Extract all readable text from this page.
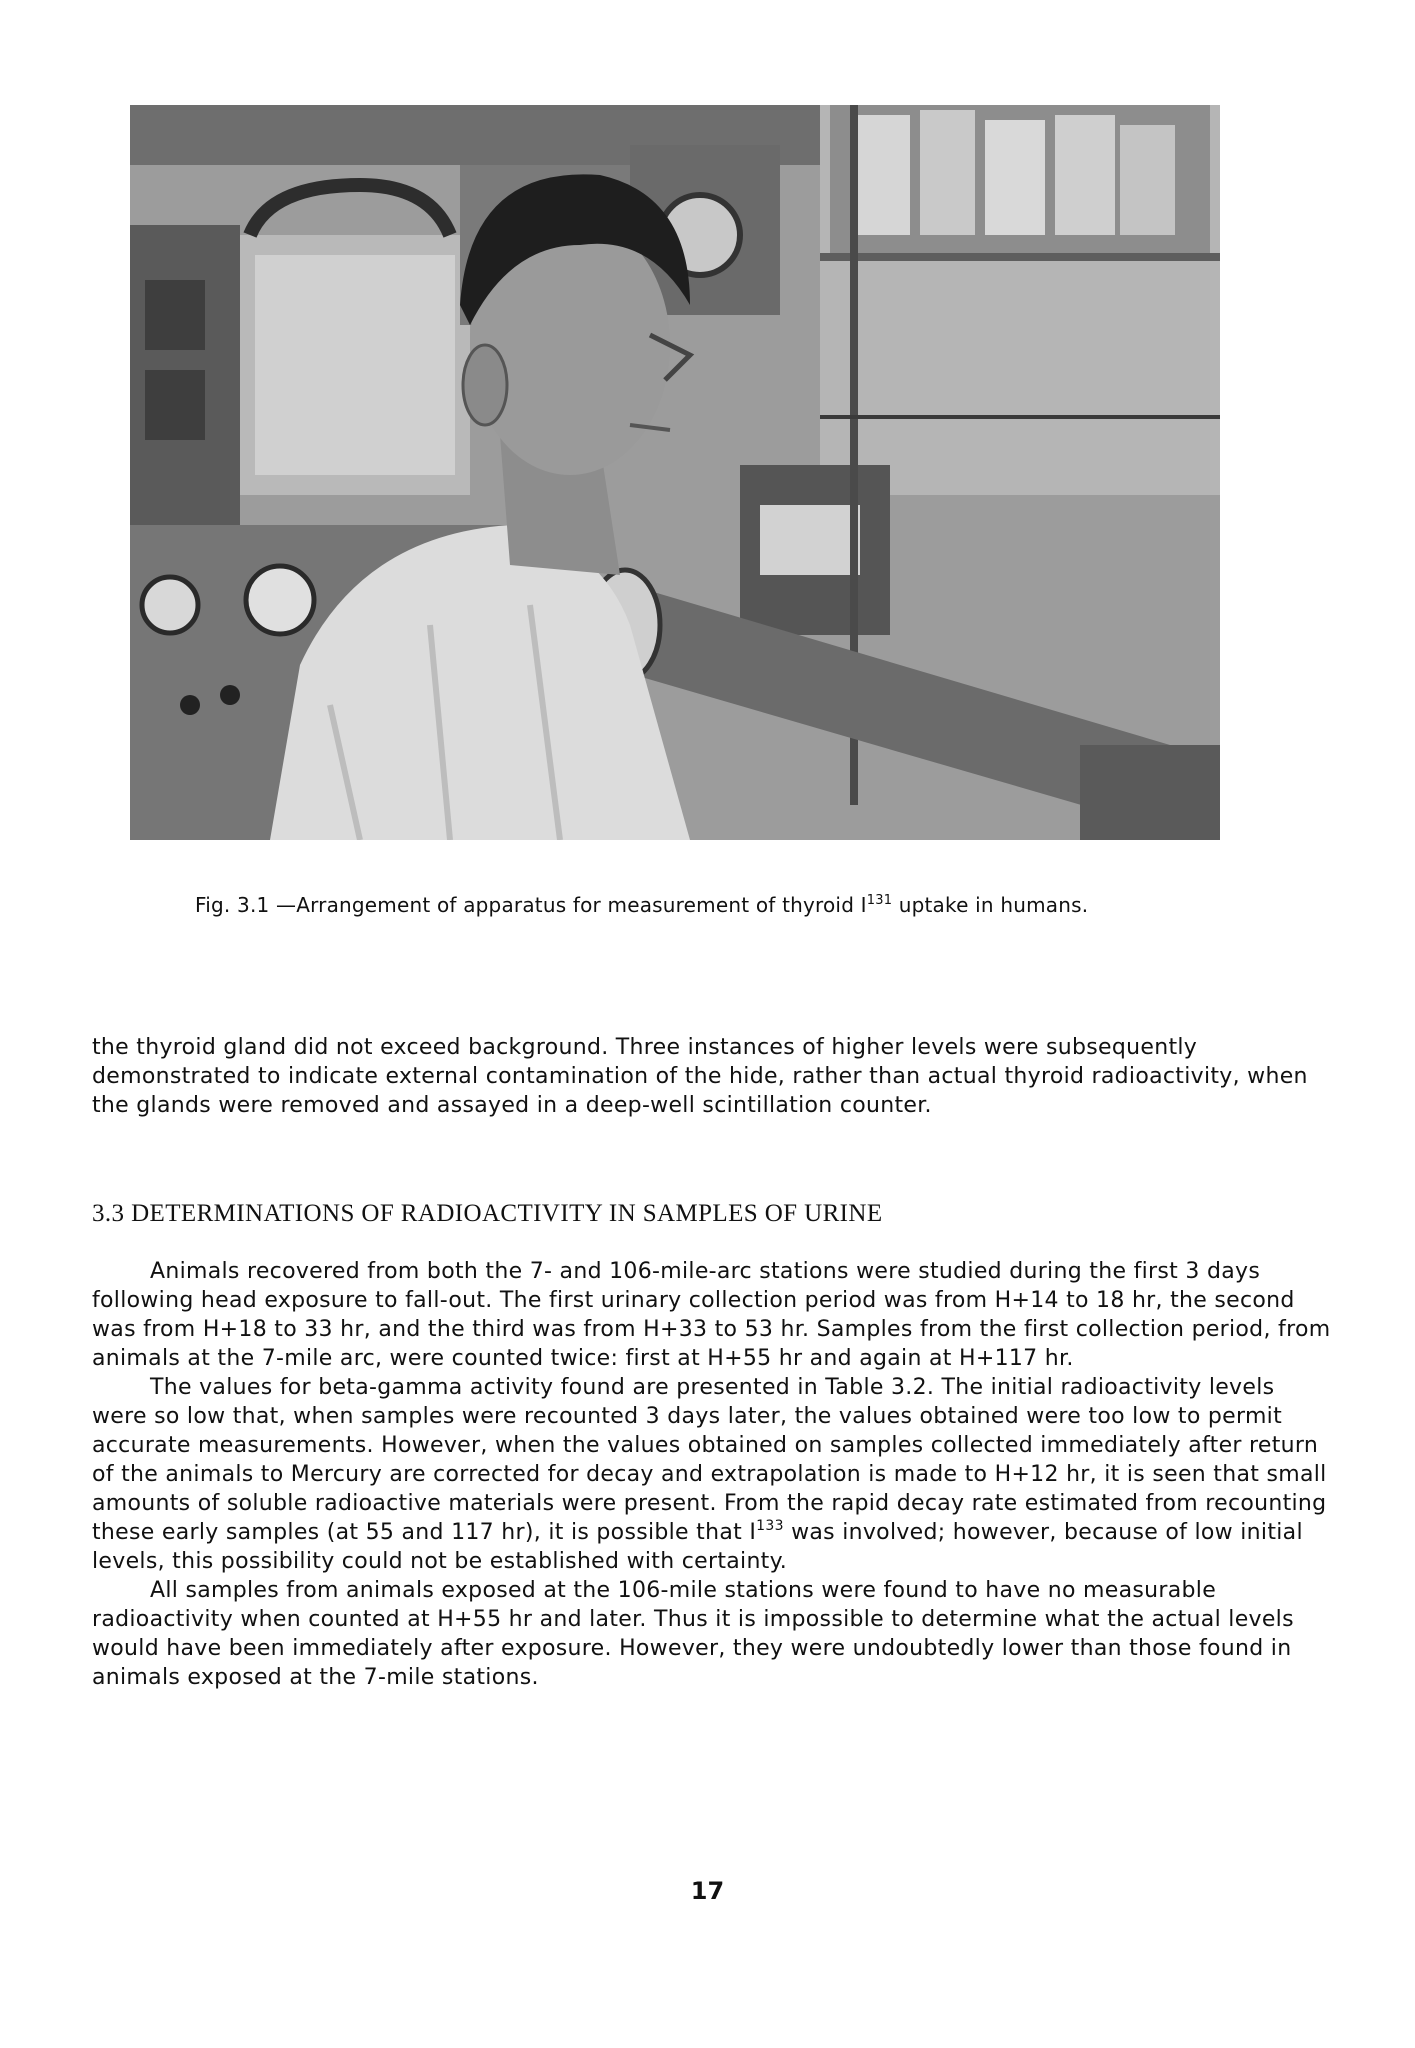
Fig. 3.1 —Arrangement of apparatus for measurement of thyroid $I^{131}$ uptake in humans.

the thyroid gland did not exceed background. Three instances of higher levels were subsequently demonstrated to indicate external contamination of the hide, rather than actual thyroid radioactivity, when the glands were removed and assayed in a deep-well scintillation counter.

3.3 DETERMINATIONS OF RADIOACTIVITY IN SAMPLES OF URINE

Animals recovered from both the 7- and 106-mile-arc stations were studied during the first 3 days following head exposure to fall-out. The first urinary collection period was from H+14 to 18 hr, the second was from H+18 to 33 hr, and the third was from H+33 to 53 hr. Samples from the first collection period, from animals at the 7-mile arc, were counted twice: first at H+55 hr and again at H+117 hr.

The values for beta-gamma activity found are presented in Table 3.2. The initial radioactivity levels were so low that, when samples were recounted 3 days later, the values obtained were too low to permit accurate measurements. However, when the values obtained on samples collected immediately after return of the animals to Mercury are corrected for decay and extrapolation is made to H+12 hr, it is seen that small amounts of soluble radioactive materials were present. From the rapid decay rate estimated from recounting these early samples (at 55 and 117 hr), it is possible that $I^{133}$ was involved; however, because of low initial levels, this possibility could not be established with certainty.

All samples from animals exposed at the 106-mile stations were found to have no measurable radioactivity when counted at H+55 hr and later. Thus it is impossible to determine what the actual levels would have been immediately after exposure. However, they were undoubtedly lower than those found in animals exposed at the 7-mile stations.

17
